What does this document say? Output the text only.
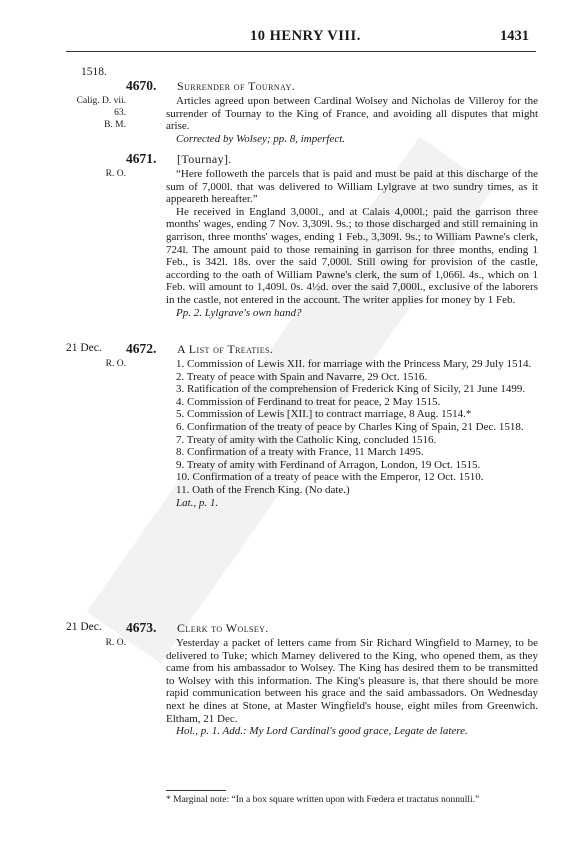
10 HENRY VIII.	1431
1518.
4670. Surrender of Tournay.
Calig. D. vii. 63.
B. M.

Articles agreed upon between Cardinal Wolsey and Nicholas de Villeroy for the surrender of Tournay to the King of France, and avoiding all disputes that might arise.

Corrected by Wolsey; pp. 8, imperfect.

4671. [Tournay].
R. O.	“Here followeth the parcels that is paid and must be paid at this discharge of the sum of 7,000l. that was delivered to William Lylgrave at two sundry times, as it appeareth hereafter.”

He received in England 3,000l., and at Calais 4,000l.; paid the garrison three months' wages, ending 7 Nov. 3,309l. 9s.; to those discharged and still remaining in garrison, three months' wages, ending 1 Feb., 3,309l. 9s.; to William Pawne's clerk, 724l. The amount paid to those remaining in garrison for three months, ending 1 Feb., is 342l. 18s. over the said 7,000l. Still owing for provision of the castle, according to the oath of William Pawne's clerk, the sum of 1,066l. 4s., which on 1 Feb. will amount to 1,409l. 0s. 4½d. over the said 7,000l., exclusive of the laborers in the castle, not entered in the account. The writer applies for money by 1 Feb.

Pp. 2. Lylgrave's own hand?

21 Dec. 4672. A List of Treaties.
R. O.	1. Commission of Lewis XII. for marriage with the Princess Mary, 29 July 1514.
2. Treaty of peace with Spain and Navarre, 29 Oct. 1516.
3. Ratification of the comprehension of Frederick King of Sicily, 21 June 1499.
4. Commission of Ferdinand to treat for peace, 2 May 1515.
5. Commission of Lewis [XII.] to contract marriage, 8 Aug. 1514.*
6. Confirmation of the treaty of peace by Charles King of Spain, 21 Dec. 1518.
7. Treaty of amity with the Catholic King, concluded 1516.
8. Confirmation of a treaty with France, 11 March 1495.
9. Treaty of amity with Ferdinand of Arragon, London, 19 Oct. 1515.
10. Confirmation of a treaty of peace with the Emperor, 12 Oct. 1510.
11. Oath of the French King. (No date.)
Lat., p. 1.
21 Dec. 4673. Clerk to Wolsey.
R. O.	Yesterday a packet of letters came from Sir Richard Wingfield to Marney, to be delivered to Tuke; which Marney delivered to the King, who opened them, as they came from his ambassador to Wolsey. The King has desired them to be transmitted to Wolsey with this information. The King's pleasure is, that there should be more rapid communication between his grace and the said ambassadors. On Wednesday next he dines at Stone, at Master Wingfield's house, eight miles from Greenwich. Eltham, 21 Dec.

Hol., p. 1. Add.: My Lord Cardinal's good grace, Legate de latere.

* Marginal note: “In a box square written upon with Fœdera et tractatus nonnulli.”
